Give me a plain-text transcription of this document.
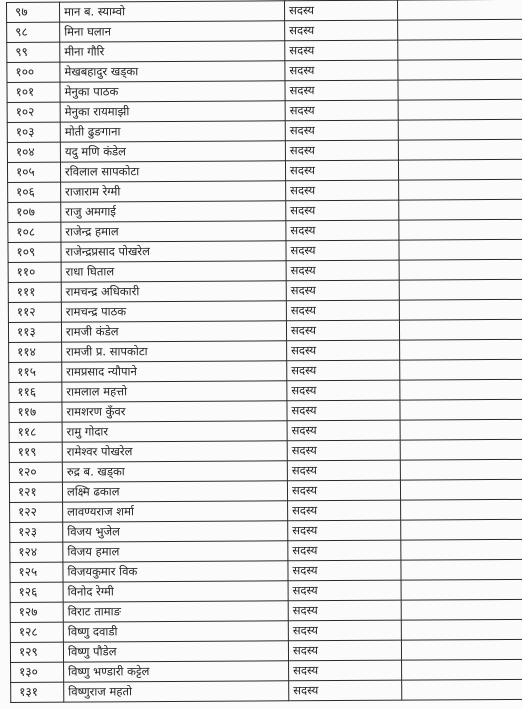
९७	मान ब. स्याम्वो	सदस्य	
९८	मिना घलान	सदस्य	
९९	मीना गौरि	सदस्य	
१००	मेखबहादुर खड्का	सदस्य	
१०१	मेनुका पाठक	सदस्य	
१०२	मेनुका रायमाझी	सदस्य	
१०३	मोती ढुङगाना	सदस्य	
१०४	यदु मणि कंडेल	सदस्य	
१०५	रविलाल सापकोटा	सदस्य	
१०६	राजाराम रेग्मी	सदस्य	
१०७	राजु अमगाई	सदस्य	
१०८	राजेन्द्र हमाल	सदस्य	
१०९	राजेन्द्रप्रसाद पोखरेल	सदस्य	
११०	राधा घिताल	सदस्य	
१११	रामचन्द्र अधिकारी	सदस्य	
११२	रामचन्द्र पाठक	सदस्य	
११३	रामजी कंडेल	सदस्य	
११४	रामजी प्र. सापकोटा	सदस्य	
११५	रामप्रसाद न्यौपाने	सदस्य	
११६	रामलाल महत्तो	सदस्य	
११७	रामशरण कुँवर	सदस्य	
११८	रामु गोदार	सदस्य	
११९	रामेश्वर पोखरेल	सदस्य	
१२०	रुद्र ब. खड्का	सदस्य	
१२१	लक्ष्मि ढकाल	सदस्य	
१२२	लावण्यराज शर्मा	सदस्य	
१२३	विजय भुजेल	सदस्य	
१२४	विजय हमाल	सदस्य	
१२५	विजयकुमार विक	सदस्य	
१२६	विनोद रेग्मी	सदस्य	
१२७	विराट तामाङ	सदस्य	
१२८	विष्णु दवाडी	सदस्य	
१२९	विष्णु पौडेल	सदस्य	
१३०	विष्णु भण्डारी कट्टेल	सदस्य	
१३१	विष्णुराज महतो	सदस्य	
